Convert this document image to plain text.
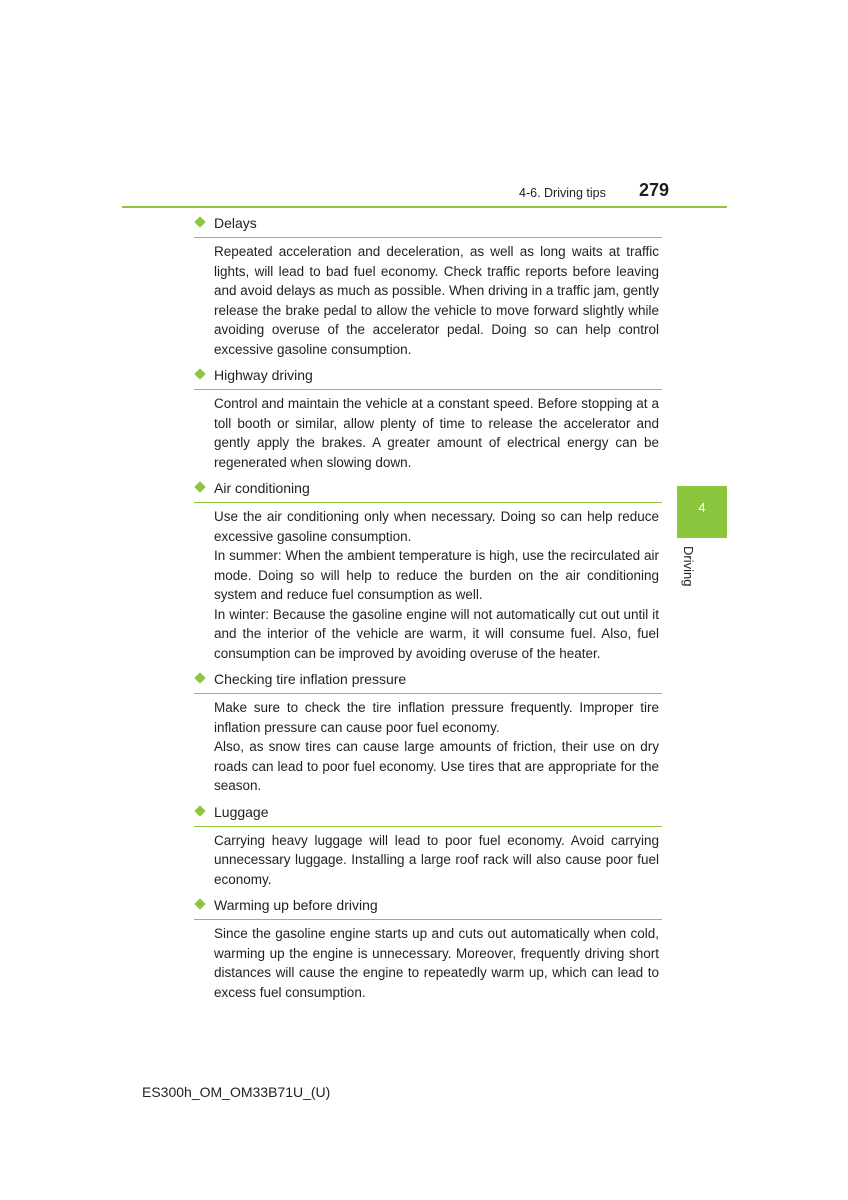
4-6. Driving tips 279
4
Driving
Delays

Repeated acceleration and deceleration, as well as long waits at traffic lights, will lead to bad fuel economy. Check traffic reports before leaving and avoid delays as much as possible. When driving in a traffic jam, gently release the brake pedal to allow the vehicle to move forward slightly while avoiding overuse of the accelerator pedal. Doing so can help control excessive gasoline consumption.

Highway driving

Control and maintain the vehicle at a constant speed. Before stopping at a toll booth or similar, allow plenty of time to release the accelerator and gently apply the brakes. A greater amount of electrical energy can be regenerated when slowing down.

Air conditioning

Use the air conditioning only when necessary. Doing so can help reduce excessive gasoline consumption.

In summer: When the ambient temperature is high, use the recirculated air mode. Doing so will help to reduce the burden on the air conditioning system and reduce fuel consumption as well.

In winter: Because the gasoline engine will not automatically cut out until it and the interior of the vehicle are warm, it will consume fuel. Also, fuel consumption can be improved by avoiding overuse of the heater.

Checking tire inflation pressure

Make sure to check the tire inflation pressure frequently. Improper tire inflation pressure can cause poor fuel economy.

Also, as snow tires can cause large amounts of friction, their use on dry roads can lead to poor fuel economy. Use tires that are appropriate for the season.

Luggage

Carrying heavy luggage will lead to poor fuel economy. Avoid carrying unnecessary luggage. Installing a large roof rack will also cause poor fuel economy.

Warming up before driving

Since the gasoline engine starts up and cuts out automatically when cold, warming up the engine is unnecessary. Moreover, frequently driving short distances will cause the engine to repeatedly warm up, which can lead to excess fuel consumption.

ES300h_OM_OM33B71U_(U)
